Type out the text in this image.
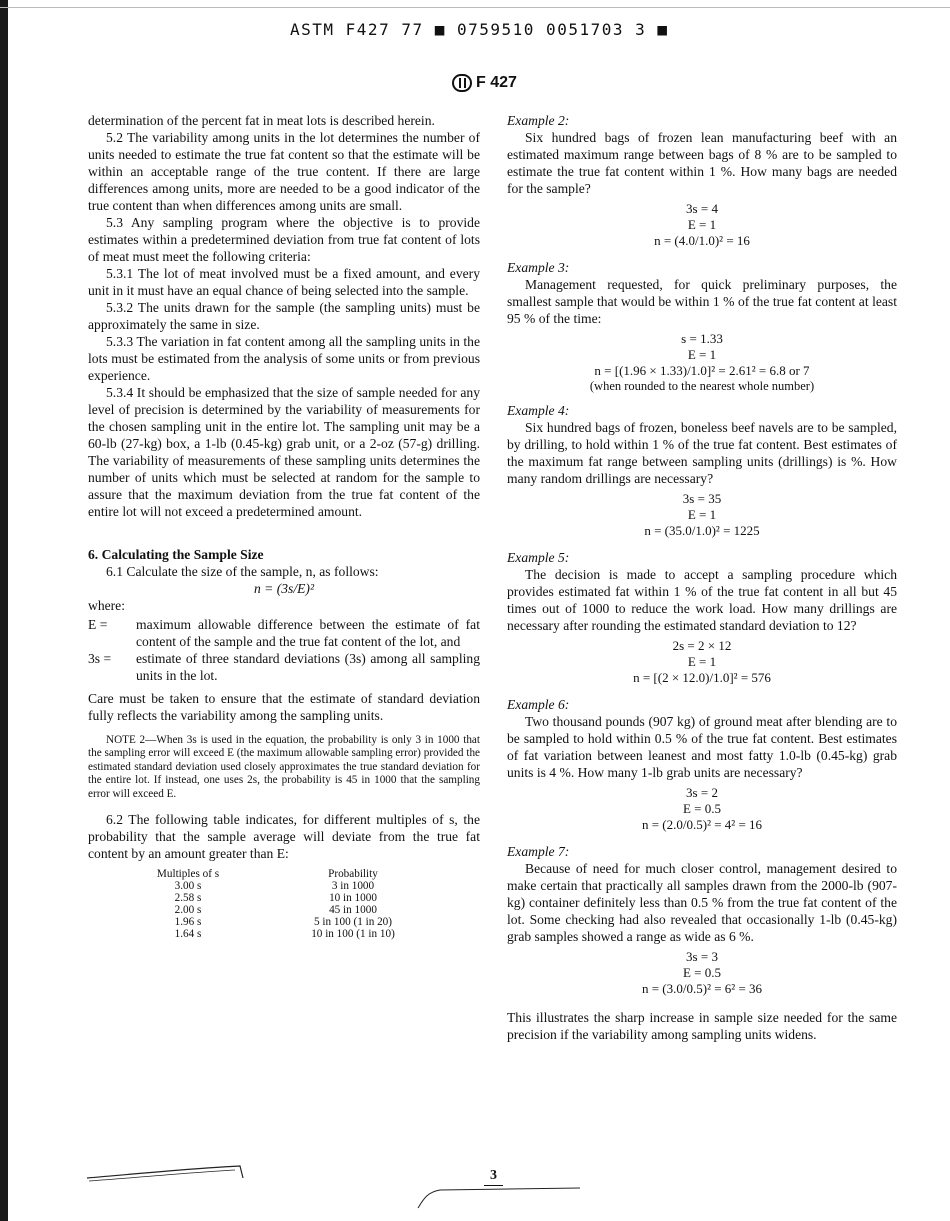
ASTM F427 77 ■ 0759510 0051703 3 ■
F 427

determination of the percent fat in meat lots is described herein.

5.2 The variability among units in the lot determines the number of units needed to estimate the true fat content so that the estimate will be within an acceptable range of the true content. If there are large differences among units, more are needed to be a good indicator of the true content than when differences among units are small.

5.3 Any sampling program where the objective is to provide estimates within a predetermined deviation from true fat content of lots of meat must meet the following criteria:

5.3.1 The lot of meat involved must be a fixed amount, and every unit in it must have an equal chance of being selected into the sample.

5.3.2 The units drawn for the sample (the sampling units) must be approximately the same in size.

5.3.3 The variation in fat content among all the sampling units in the lots must be estimated from the analysis of some units or from previous experience.

5.3.4 It should be emphasized that the size of sample needed for any level of precision is determined by the variability of measurements for the chosen sampling unit in the entire lot. The sampling unit may be a 60-lb (27-kg) box, a 1-lb (0.45-kg) grab unit, or a 2-oz (57-g) drilling. The variability of measurements of these sampling units determines the number of units which must be selected at random for the sample to assure that the maximum deviation from the true fat content of the entire lot will not exceed a predetermined amount.

6. Calculating the Sample Size

6.1 Calculate the size of the sample, n, as follows:

n = (3s/E)²

where:

E =	maximum allowable difference between the estimate of fat content of the sample and the true fat content of the lot, and
3s =	estimate of three standard deviations (3s) among all sampling units in the lot.

Care must be taken to ensure that the estimate of standard deviation fully reflects the variability among the sampling units.

NOTE 2—When 3s is used in the equation, the probability is only 3 in 1000 that the sampling error will exceed E (the maximum allowable sampling error) provided the estimated standard deviation used closely approximates the true standard deviation for the entire lot. If instead, one uses 2s, the probability is 45 in 1000 that the sampling error will exceed E.

6.2 The following table indicates, for different multiples of s, the probability that the sample average will deviate from the true fat content by an amount greater than E:

Multiples of s	Probability
3.00 s	3 in 1000
2.58 s	10 in 1000
2.00 s	45 in 1000
1.96 s	5 in 100 (1 in 20)
1.64 s	10 in 100 (1 in 10)

Example 2:

Six hundred bags of frozen lean manufacturing beef with an estimated maximum range between bags of 8 % are to be sampled to estimate the true fat content within 1 %. How many bags are needed for the sample?

3s = 4

E = 1

n = (4.0/1.0)² = 16

Example 3:

Management requested, for quick preliminary purposes, the smallest sample that would be within 1 % of the true fat content at least 95 % of the time:

s = 1.33

E = 1

n = [(1.96 × 1.33)/1.0]² = 2.61² = 6.8 or 7

(when rounded to the nearest whole number)

Example 4:

Six hundred bags of frozen, boneless beef navels are to be sampled, by drilling, to hold within 1 % of the true fat content. Best estimates of the maximum fat range between sampling units (drillings) is %. How many random drillings are necessary?

3s = 35

E = 1

n = (35.0/1.0)² = 1225

Example 5:

The decision is made to accept a sampling procedure which provides estimated fat within 1 % of the true fat content in all but 45 times out of 1000 to reduce the work load. How many drillings are necessary after rounding the estimated standard deviation to 12?

2s = 2 × 12

E = 1

n = [(2 × 12.0)/1.0]² = 576

Example 6:

Two thousand pounds (907 kg) of ground meat after blending are to be sampled to hold within 0.5 % of the true fat content. Best estimates of fat variation between leanest and most fatty 1.0-lb (0.45-kg) grab units is 4 %. How many 1-lb grab units are necessary?

3s = 2

E = 0.5

n = (2.0/0.5)² = 4² = 16

Example 7:

Because of need for much closer control, management desired to make certain that practically all samples drawn from the 2000-lb (907-kg) container definitely less than 0.5 % from the true fat content of the lot. Some checking had also revealed that occasionally 1-lb (0.45-kg) grab samples showed a range as wide as 6 %.

3s = 3

E = 0.5

n = (3.0/0.5)² = 6² = 36

This illustrates the sharp increase in sample size needed for the same precision if the variability among sampling units widens.

3
